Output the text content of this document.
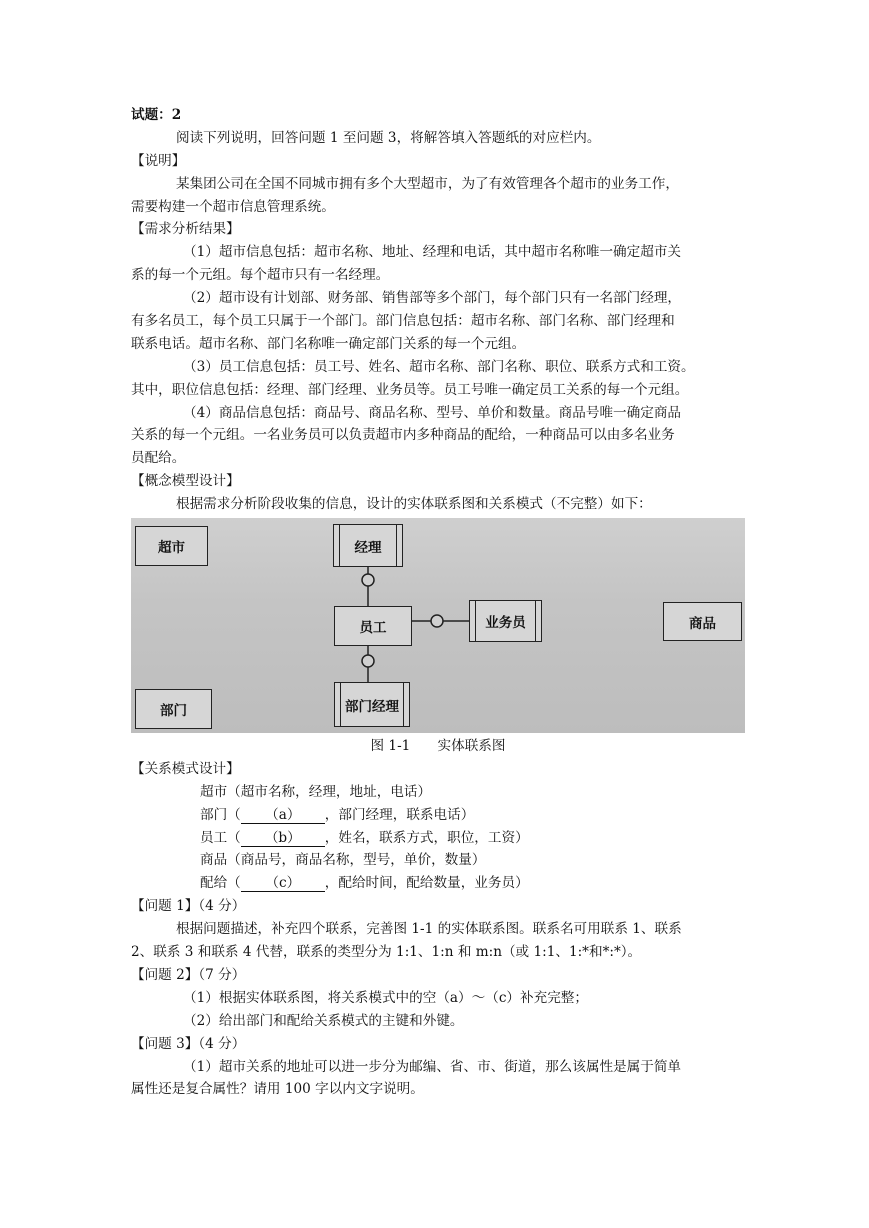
试题：2
阅读下列说明，回答问题 1 至问题 3，将解答填入答题纸的对应栏内。
【说明】
某集团公司在全国不同城市拥有多个大型超市，为了有效管理各个超市的业务工作，
需要构建一个超市信息管理系统。
【需求分析结果】
（1）超市信息包括：超市名称、地址、经理和电话，其中超市名称唯一确定超市关
系的每一个元组。每个超市只有一名经理。
（2）超市设有计划部、财务部、销售部等多个部门，每个部门只有一名部门经理，
有多名员工，每个员工只属于一个部门。部门信息包括：超市名称、部门名称、部门经理和
联系电话。超市名称、部门名称唯一确定部门关系的每一个元组。
（3）员工信息包括：员工号、姓名、超市名称、部门名称、职位、联系方式和工资。
其中，职位信息包括：经理、部门经理、业务员等。员工号唯一确定员工关系的每一个元组。
（4）商品信息包括：商品号、商品名称、型号、单价和数量。商品号唯一确定商品
关系的每一个元组。一名业务员可以负责超市内多种商品的配给，一种商品可以由多名业务
员配给。
【概念模型设计】
根据需求分析阶段收集的信息，设计的实体联系图和关系模式（不完整）如下：
超市	经理
员工	业务员	商品
部门	部门经理
图 1-1　　实体联系图
【关系模式设计】
超市（超市名称，经理，地址，电话）
部门（ （a） ，部门经理，联系电话）
员工（ （b） ，姓名，联系方式，职位，工资）
商品（商品号，商品名称，型号，单价，数量）
配给（ （c） ，配给时间，配给数量，业务员）
【问题 1】（4 分）
根据问题描述，补充四个联系，完善图 1-1 的实体联系图。联系名可用联系 1、联系
2、联系 3 和联系 4 代替，联系的类型分为 1:1、1:n 和 m:n（或 1:1、1:*和*:*）。
【问题 2】（7 分）
（1）根据实体联系图，将关系模式中的空（a）～（c）补充完整；
（2）给出部门和配给关系模式的主键和外键。
【问题 3】（4 分）
（1）超市关系的地址可以进一步分为邮编、省、市、街道，那么该属性是属于简单
属性还是复合属性？请用 100 字以内文字说明。
